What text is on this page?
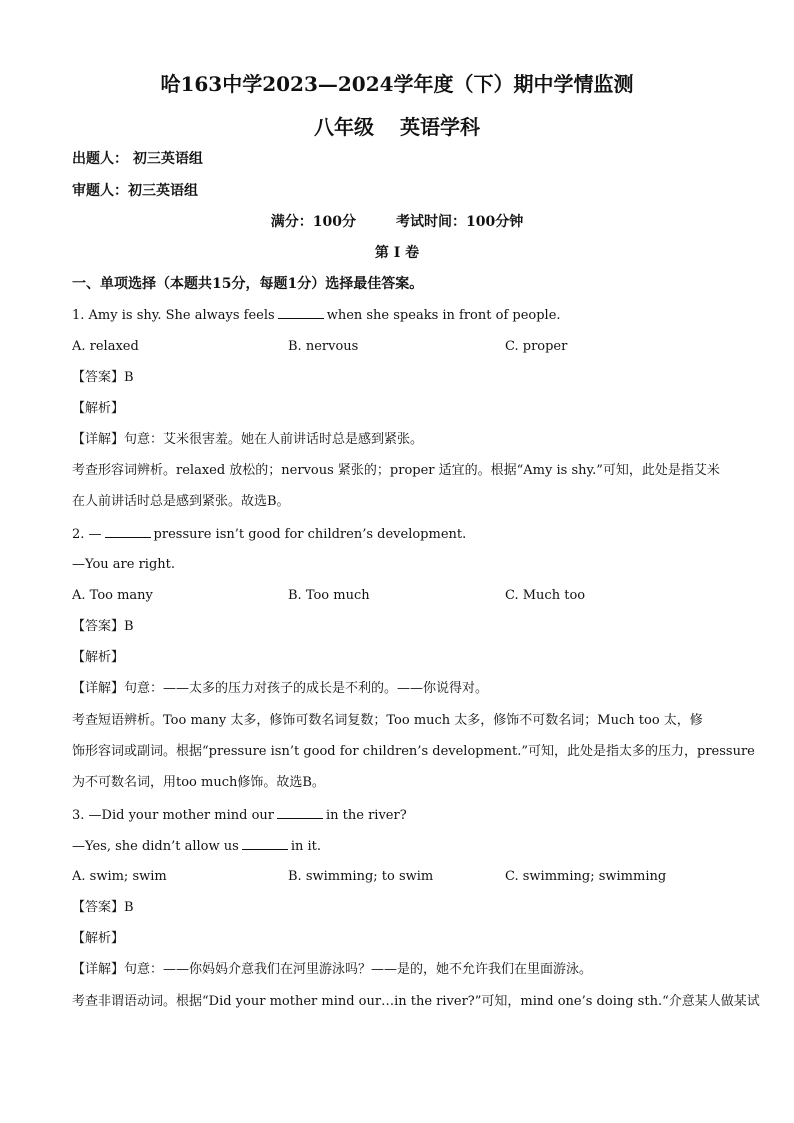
哈163中学2023—2024学年度（下）期中学情监测
八年级 英语学科
出题人： 初三英语组
审题人：初三英语组
满分：100分	考试时间：100分钟
第 I 卷
一、单项选择（本题共15分，每题1分）选择最佳答案。
1. Amy is shy. She always feels	when she speaks in front of people.
A. relaxed	B. nervous	C. proper
【答案】B
【解析】
【详解】句意：艾米很害羞。她在人前讲话时总是感到紧张。
考查形容词辨析。relaxed 放松的；nervous 紧张的；proper 适宜的。根据“Amy is shy.”可知，此处是指艾米
在人前讲话时总是感到紧张。故选B。
2. —	pressure isn’t good for children’s development.
—You are right.
A. Too many	B. Too much	C. Much too
【答案】B
【解析】
【详解】句意：——太多的压力对孩子的成长是不利的。——你说得对。
考查短语辨析。Too many 太多，修饰可数名词复数；Too much 太多，修饰不可数名词；Much too 太，修
饰形容词或副词。根据“pressure isn’t good for children’s development.”可知，此处是指太多的压力，pressure
为不可数名词，用too much修饰。故选B。
3. —Did your mother mind our	in the river?
—Yes, she didn’t allow us	in it.
A. swim; swim	B. swimming; to swim	C. swimming; swimming
【答案】B
【解析】
【详解】句意：——你妈妈介意我们在河里游泳吗？——是的，她不允许我们在里面游泳。
考查非谓语动词。根据“Did your mother mind our…in the river?”可知，mind one’s doing sth.“介意某人做某试
